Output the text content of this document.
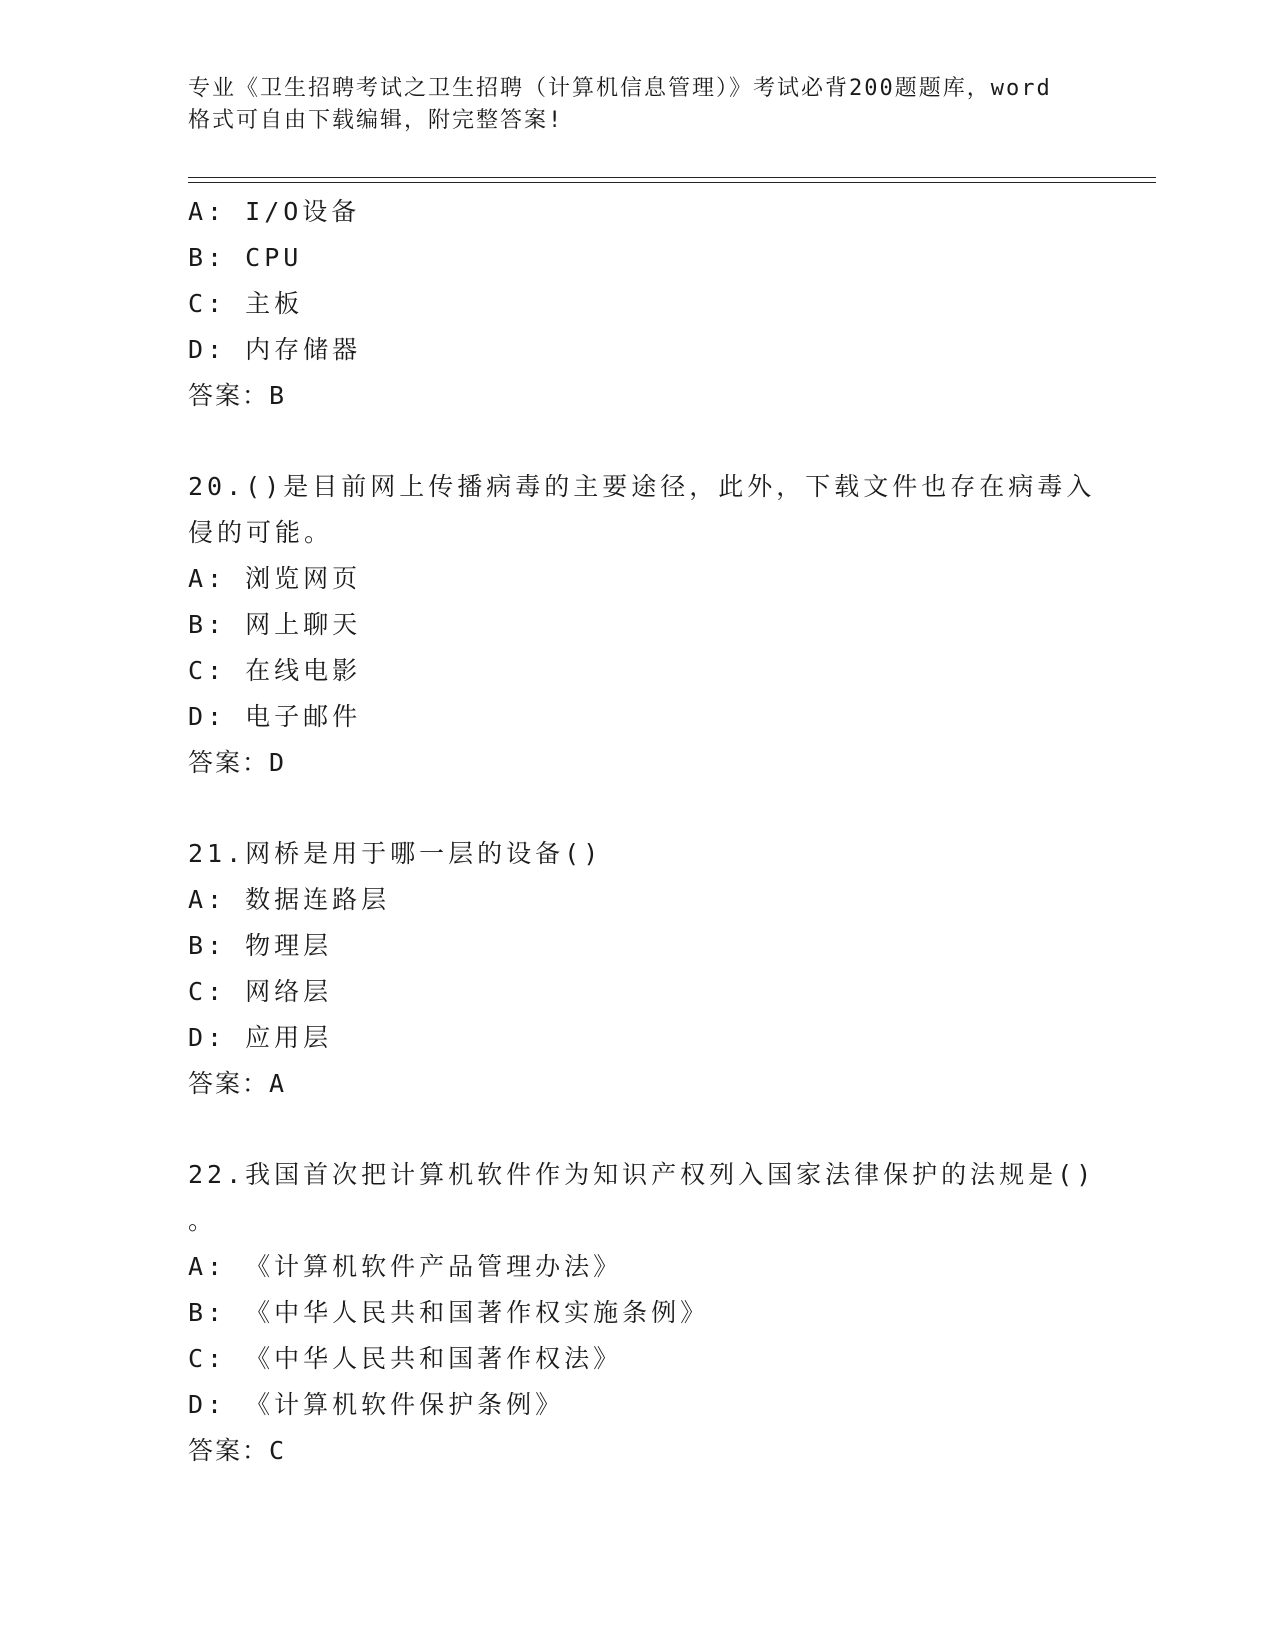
专业《卫生招聘考试之卫生招聘（计算机信息管理）》考试必背200题题库，word
格式可自由下载编辑，附完整答案!
A: I/O设备
B: CPU
C: 主板
D: 内存储器
答案：B
20.()是目前网上传播病毒的主要途径，此外，下载文件也存在病毒入
侵的可能。
A: 浏览网页
B: 网上聊天
C: 在线电影
D: 电子邮件
答案：D
21.网桥是用于哪一层的设备()
A: 数据连路层
B: 物理层
C: 网络层
D: 应用层
答案：A
22.我国首次把计算机软件作为知识产权列入国家法律保护的法规是()
。
A: 《计算机软件产品管理办法》
B: 《中华人民共和国著作权实施条例》
C: 《中华人民共和国著作权法》
D: 《计算机软件保护条例》
答案：C
